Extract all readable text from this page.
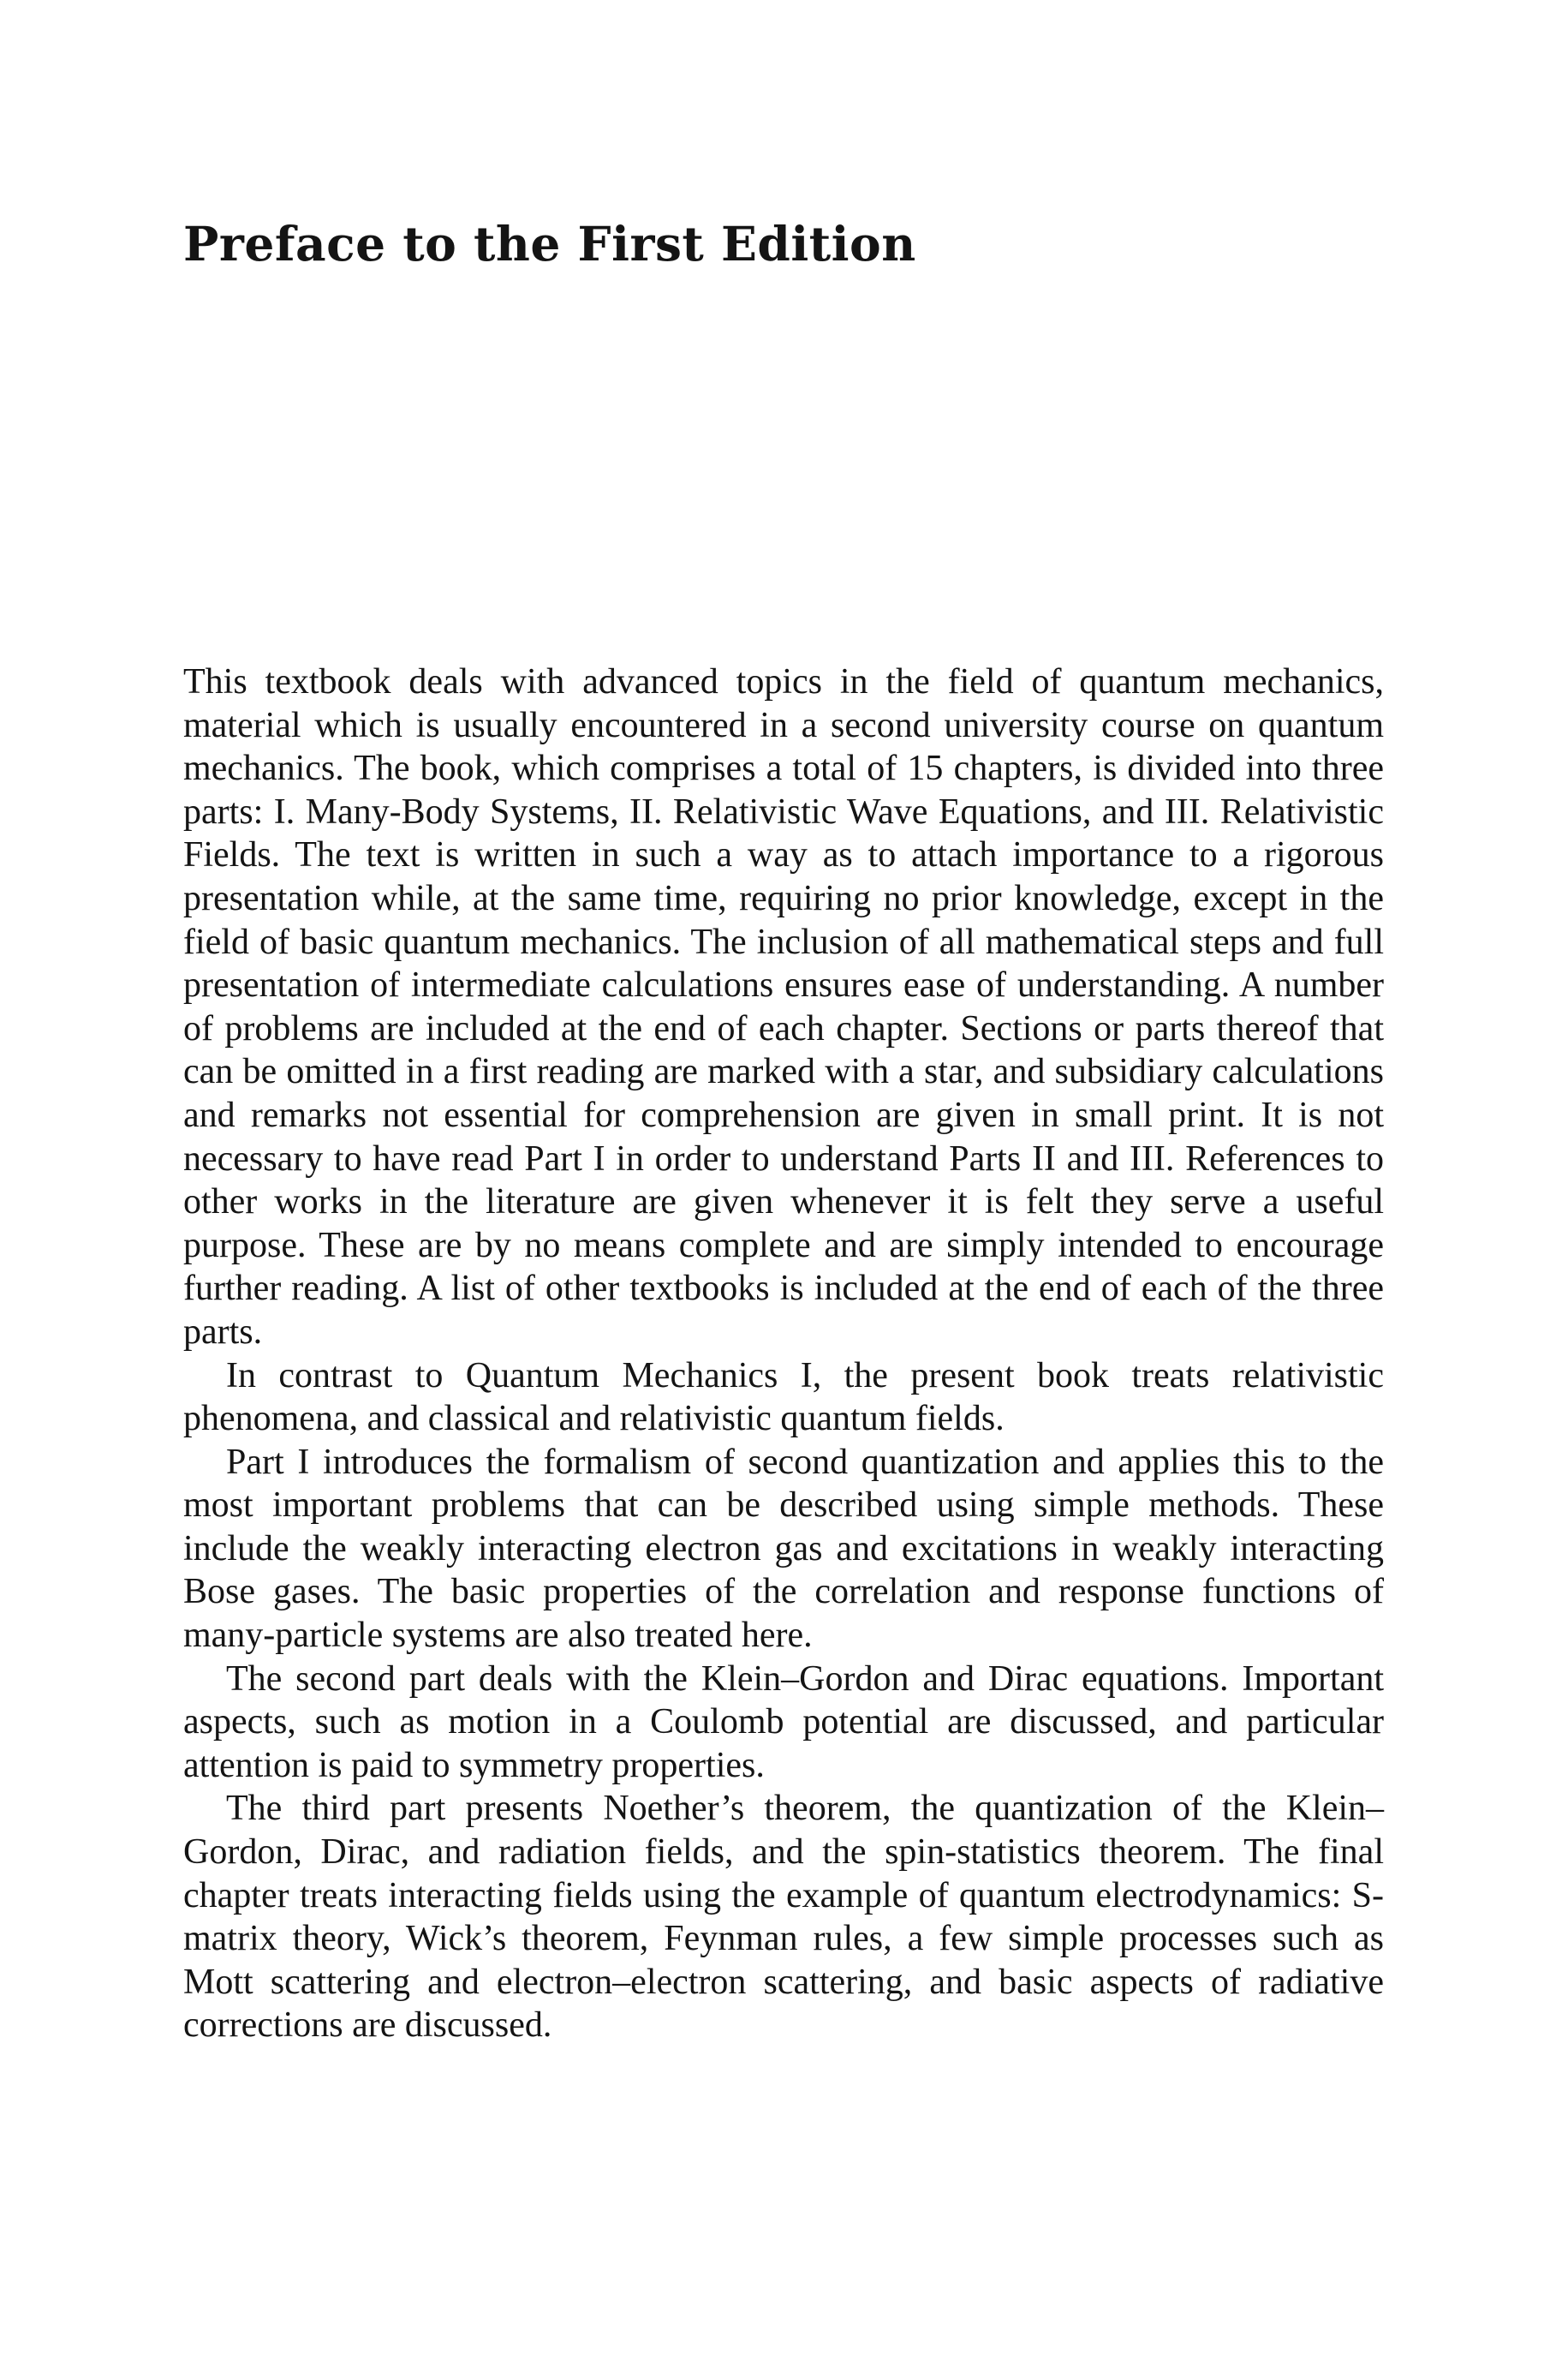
Preface to the First Edition

This textbook deals with advanced topics in the field of quantum mechanics, material which is usually encountered in a second university course on quantum mechanics. The book, which comprises a total of 15 chapters, is divided into three parts: I. Many-Body Systems, II. Relativistic Wave Equations, and III. Relativistic Fields. The text is written in such a way as to attach importance to a rigorous presentation while, at the same time, requiring no prior knowledge, except in the field of basic quantum mechanics. The inclusion of all mathematical steps and full presentation of intermediate calculations ensures ease of understanding. A number of problems are included at the end of each chapter. Sections or parts thereof that can be omitted in a first reading are marked with a star, and subsidiary calculations and remarks not essential for comprehension are given in small print. It is not necessary to have read Part I in order to understand Parts II and III. References to other works in the literature are given whenever it is felt they serve a useful purpose. These are by no means complete and are simply intended to encourage further reading. A list of other textbooks is included at the end of each of the three parts.

In contrast to Quantum Mechanics I, the present book treats relativistic phenomena, and classical and relativistic quantum fields.

Part I introduces the formalism of second quantization and applies this to the most important problems that can be described using simple methods. These include the weakly interacting electron gas and excitations in weakly interacting Bose gases. The basic properties of the correlation and response functions of many-particle systems are also treated here.

The second part deals with the Klein–Gordon and Dirac equations. Important aspects, such as motion in a Coulomb potential are discussed, and particular attention is paid to symmetry properties.

The third part presents Noether’s theorem, the quantization of the Klein–Gordon, Dirac, and radiation fields, and the spin-statistics theorem. The final chapter treats interacting fields using the example of quantum electrodynamics: S-matrix theory, Wick’s theorem, Feynman rules, a few simple processes such as Mott scattering and electron–electron scattering, and basic aspects of radiative corrections are discussed.
